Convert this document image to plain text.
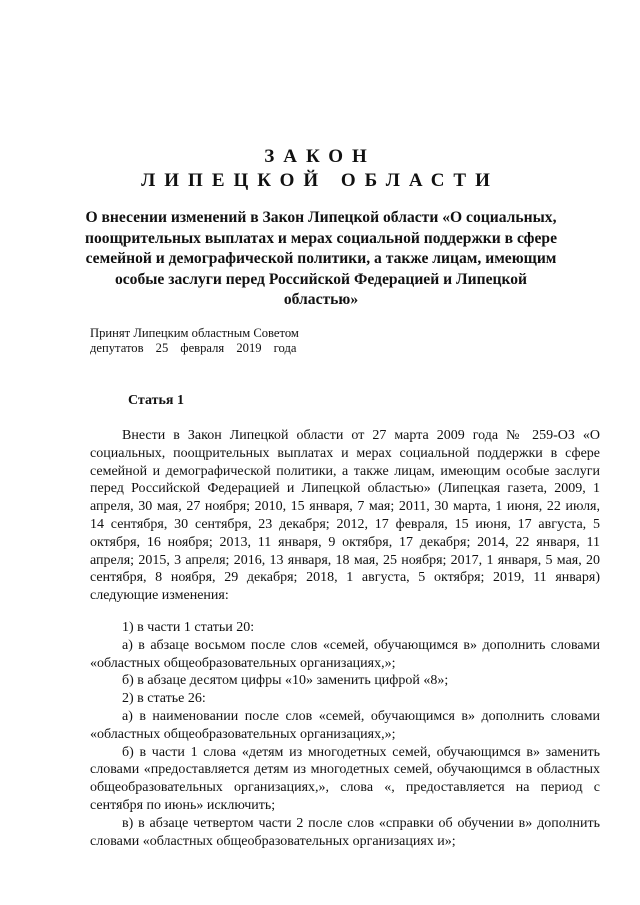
ЗАКОН
ЛИПЕЦКОЙ ОБЛАСТИ
О внесении изменений в Закон Липецкой области «О социальных, поощрительных выплатах и мерах социальной поддержки в сфере семейной и демографической политики, а также лицам, имеющим особые заслуги перед Российской Федерацией и Липецкой областью»
Принят Липецким областным Советом
депутатов 25 февраля 2019 года
Статья 1

Внести в Закон Липецкой области от 27 марта 2009 года № 259-ОЗ «О социальных, поощрительных выплатах и мерах социальной поддержки в сфере семейной и демографической политики, а также лицам, имеющим особые заслуги перед Российской Федерацией и Липецкой областью» (Липецкая газета, 2009, 1 апреля, 30 мая, 27 ноября; 2010, 15 января, 7 мая; 2011, 30 марта, 1 июня, 22 июля, 14 сентября, 30 сентября, 23 декабря; 2012, 17 февраля, 15 июня, 17 августа, 5 октября, 16 ноября; 2013, 11 января, 9 октября, 17 декабря; 2014, 22 января, 11 апреля; 2015, 3 апреля; 2016, 13 января, 18 мая, 25 ноября; 2017, 1 января, 5 мая, 20 сентября, 8 ноября, 29 декабря; 2018, 1 августа, 5 октября; 2019, 11 января) следующие изменения:

1) в части 1 статьи 20:

а) в абзаце восьмом после слов «семей, обучающимся в» дополнить словами «областных общеобразовательных организациях,»;

б) в абзаце десятом цифры «10» заменить цифрой «8»;

2) в статье 26:

а) в наименовании после слов «семей, обучающимся в» дополнить словами «областных общеобразовательных организациях,»;

б) в части 1 слова «детям из многодетных семей, обучающимся в» заменить словами «предоставляется детям из многодетных семей, обучающимся в областных общеобразовательных организациях,», слова «, предоставляется на период с сентября по июнь» исключить;

в) в абзаце четвертом части 2 после слов «справки об обучении в» дополнить словами «областных общеобразовательных организациях и»;
